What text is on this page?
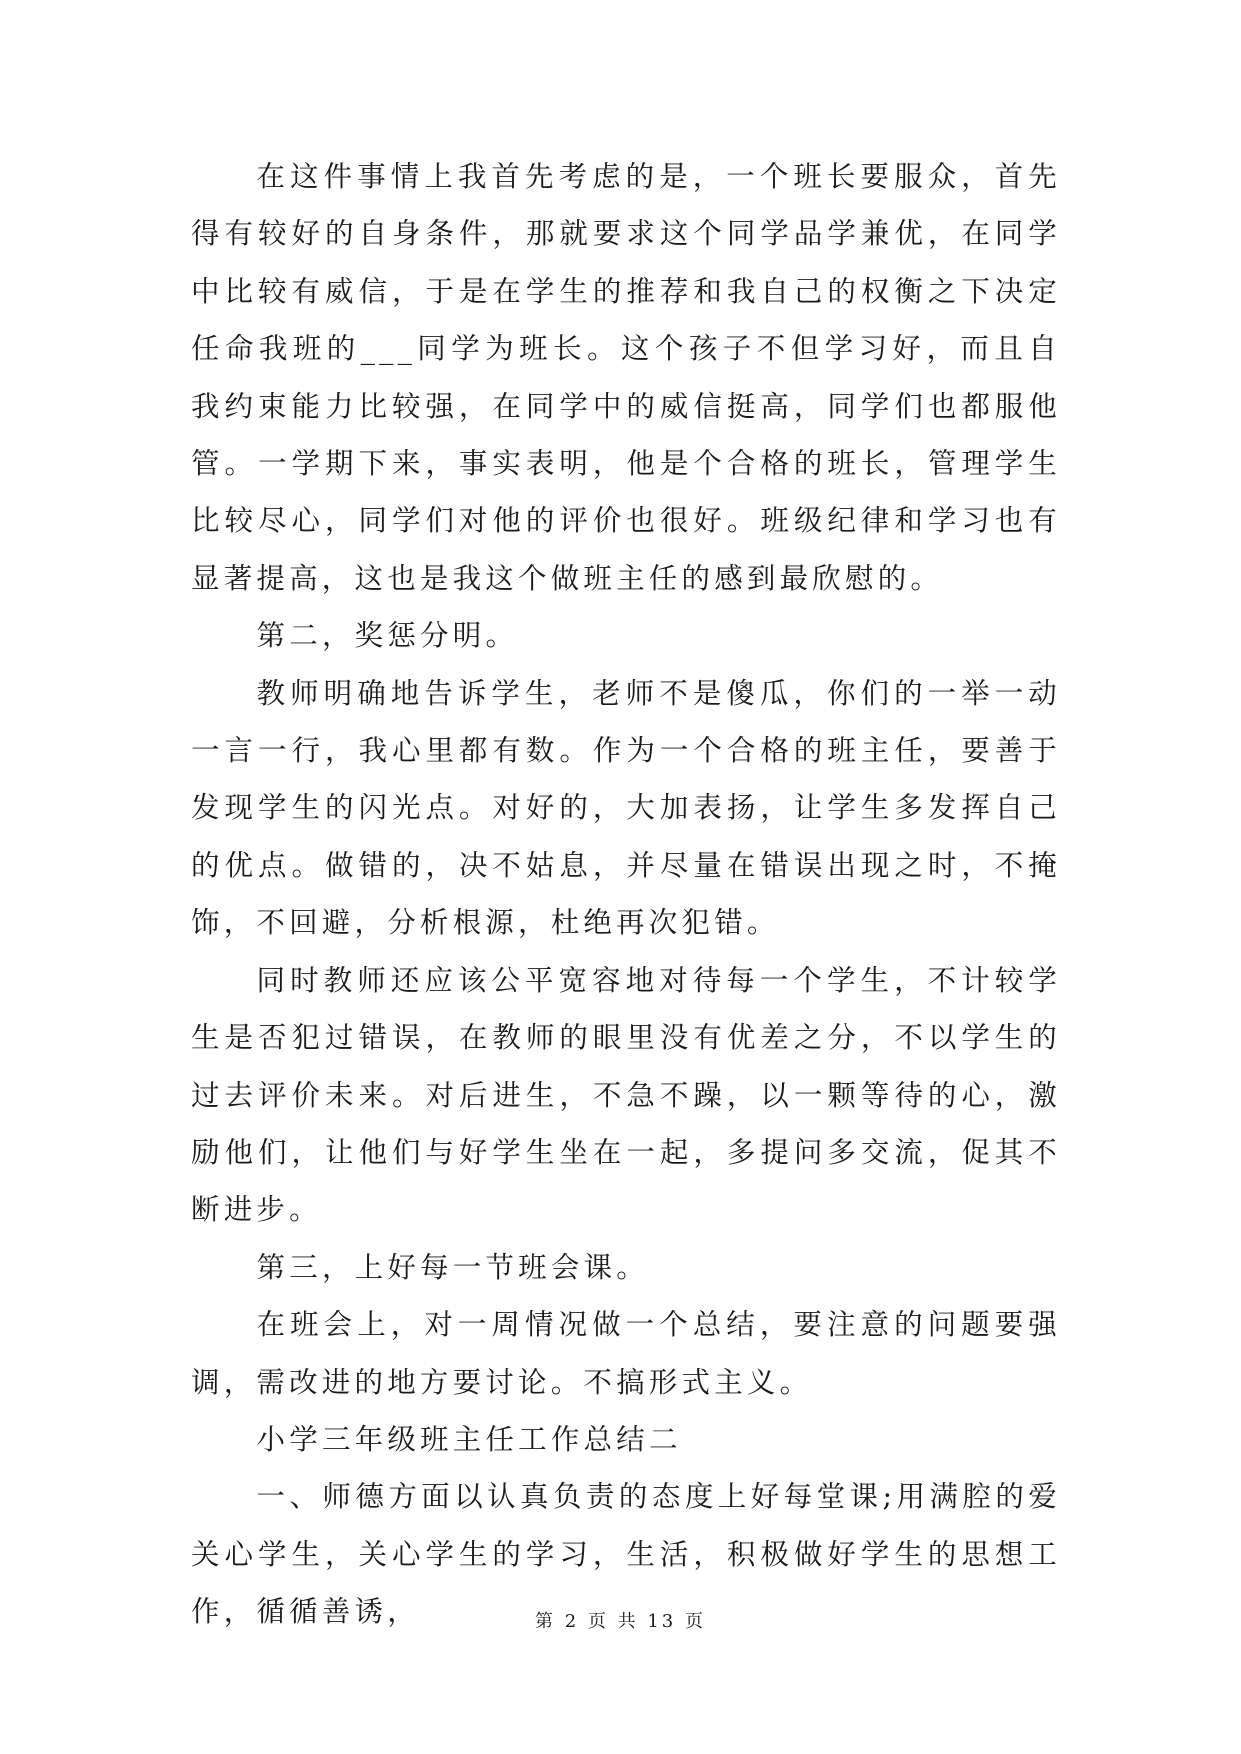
在这件事情上我首先考虑的是，一个班长要服众，首先得有较好的自身条件，那就要求这个同学品学兼优，在同学中比较有威信，于是在学生的推荐和我自己的权衡之下决定任命我班的___同学为班长。这个孩子不但学习好，而且自我约束能力比较强，在同学中的威信挺高，同学们也都服他管。一学期下来，事实表明，他是个合格的班长，管理学生比较尽心，同学们对他的评价也很好。班级纪律和学习也有显著提高，这也是我这个做班主任的感到最欣慰的。

第二，奖惩分明。

教师明确地告诉学生，老师不是傻瓜，你们的一举一动一言一行，我心里都有数。作为一个合格的班主任，要善于发现学生的闪光点。对好的，大加表扬，让学生多发挥自己的优点。做错的，决不姑息，并尽量在错误出现之时，不掩饰，不回避，分析根源，杜绝再次犯错。

同时教师还应该公平宽容地对待每一个学生，不计较学生是否犯过错误，在教师的眼里没有优差之分，不以学生的过去评价未来。对后进生，不急不躁，以一颗等待的心，激励他们，让他们与好学生坐在一起，多提问多交流，促其不断进步。

第三，上好每一节班会课。

在班会上，对一周情况做一个总结，要注意的问题要强调，需改进的地方要讨论。不搞形式主义。

小学三年级班主任工作总结二

一、师德方面以认真负责的态度上好每堂课;用满腔的爱关心学生，关心学生的学习，生活，积极做好学生的思想工作，循循善诱，	第 2 页 共 13 页
